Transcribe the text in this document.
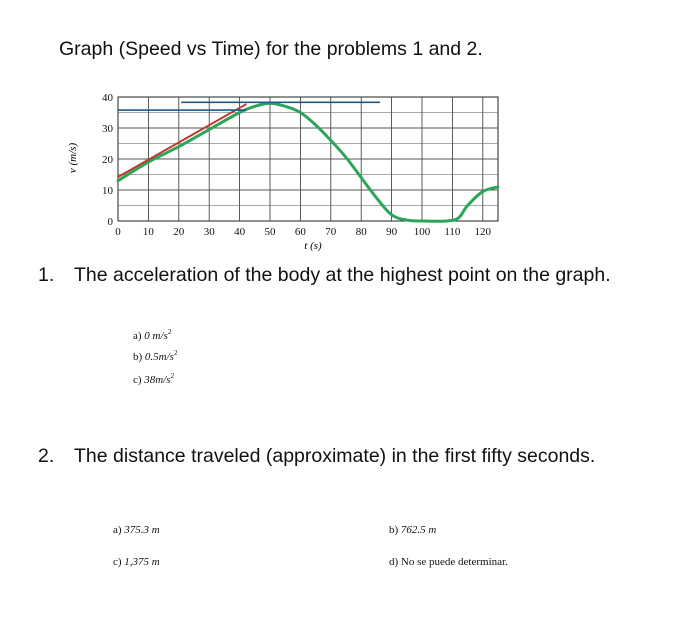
Graph (Speed vs Time) for the problems 1 and 2.
0 10 20 30 40 50 60 70 80 90 100 110 120
0
10
20
30
40
t (s)
v (m/s)
1. The acceleration of the body at the highest point on the graph.
a) 0 $m/s^2$
b) $0.5m/s^2$
c) $38m/s^2$
2. The distance traveled (approximate) in the first fifty seconds.
a) 375.3 m	b) 762.5 m
c) 1,375 m	d) No se puede determinar.
